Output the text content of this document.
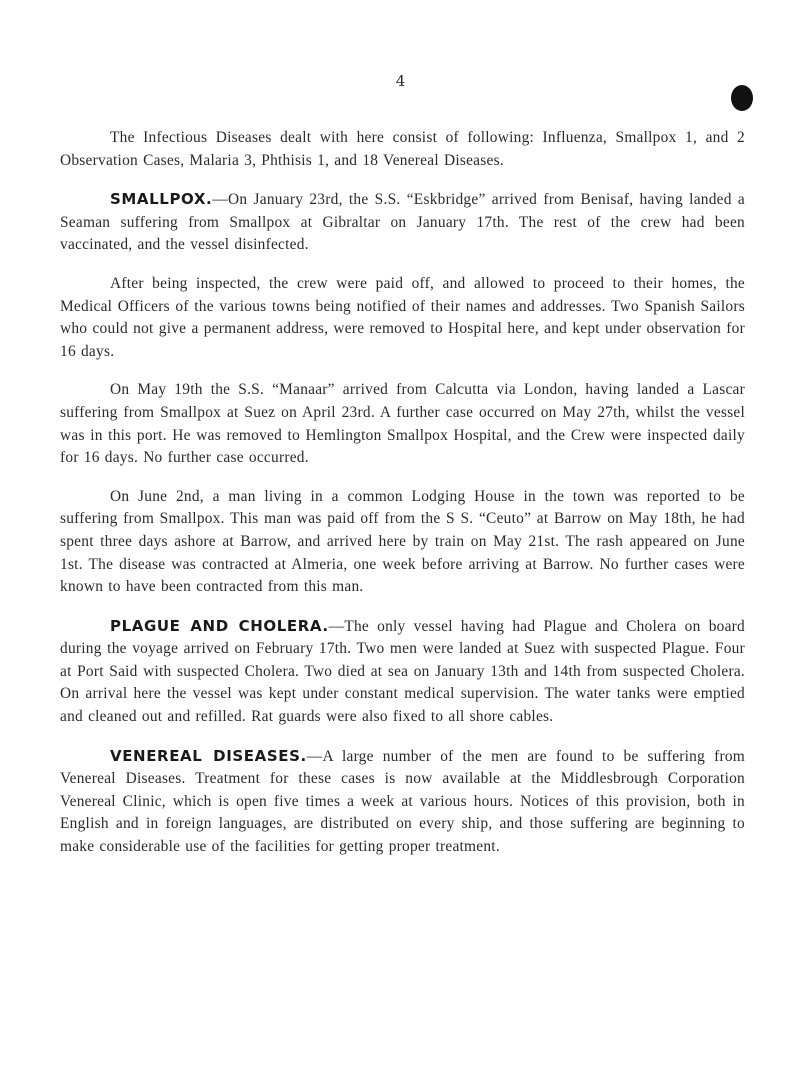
4

The Infectious Diseases dealt with here consist of following: Influenza, Smallpox 1, and 2 Observation Cases, Malaria 3, Phthisis 1, and 18 Venereal Diseases.

SMALLPOX.—On January 23rd, the S.S. “Eskbridge” arrived from Benisaf, having landed a Seaman suffering from Smallpox at Gibraltar on January 17th. The rest of the crew had been vaccinated, and the vessel disinfected.

After being inspected, the crew were paid off, and allowed to proceed to their homes, the Medical Officers of the various towns being notified of their names and addresses. Two Spanish Sailors who could not give a permanent address, were removed to Hospital here, and kept under observation for 16 days.

On May 19th the S.S. “Manaar” arrived from Calcutta via London, having landed a Lascar suffering from Smallpox at Suez on April 23rd. A further case occurred on May 27th, whilst the vessel was in this port. He was removed to Hemlington Smallpox Hospital, and the Crew were inspected daily for 16 days. No further case occurred.

On June 2nd, a man living in a common Lodging House in the town was reported to be suffering from Smallpox. This man was paid off from the S S. “Ceuto” at Barrow on May 18th, he had spent three days ashore at Barrow, and arrived here by train on May 21st. The rash appeared on June 1st. The disease was contracted at Almeria, one week before arriving at Barrow. No further cases were known to have been contracted from this man.

PLAGUE AND CHOLERA.—The only vessel having had Plague and Cholera on board during the voyage arrived on February 17th. Two men were landed at Suez with suspected Plague. Four at Port Said with suspected Cholera. Two died at sea on January 13th and 14th from suspected Cholera. On arrival here the vessel was kept under constant medical supervision. The water tanks were emptied and cleaned out and refilled. Rat guards were also fixed to all shore cables.

VENEREAL DISEASES.—A large number of the men are found to be suffering from Venereal Diseases. Treatment for these cases is now available at the Middlesbrough Corporation Venereal Clinic, which is open five times a week at various hours. Notices of this provision, both in English and in foreign languages, are distributed on every ship, and those suffering are beginning to make considerable use of the facilities for getting proper treatment.
